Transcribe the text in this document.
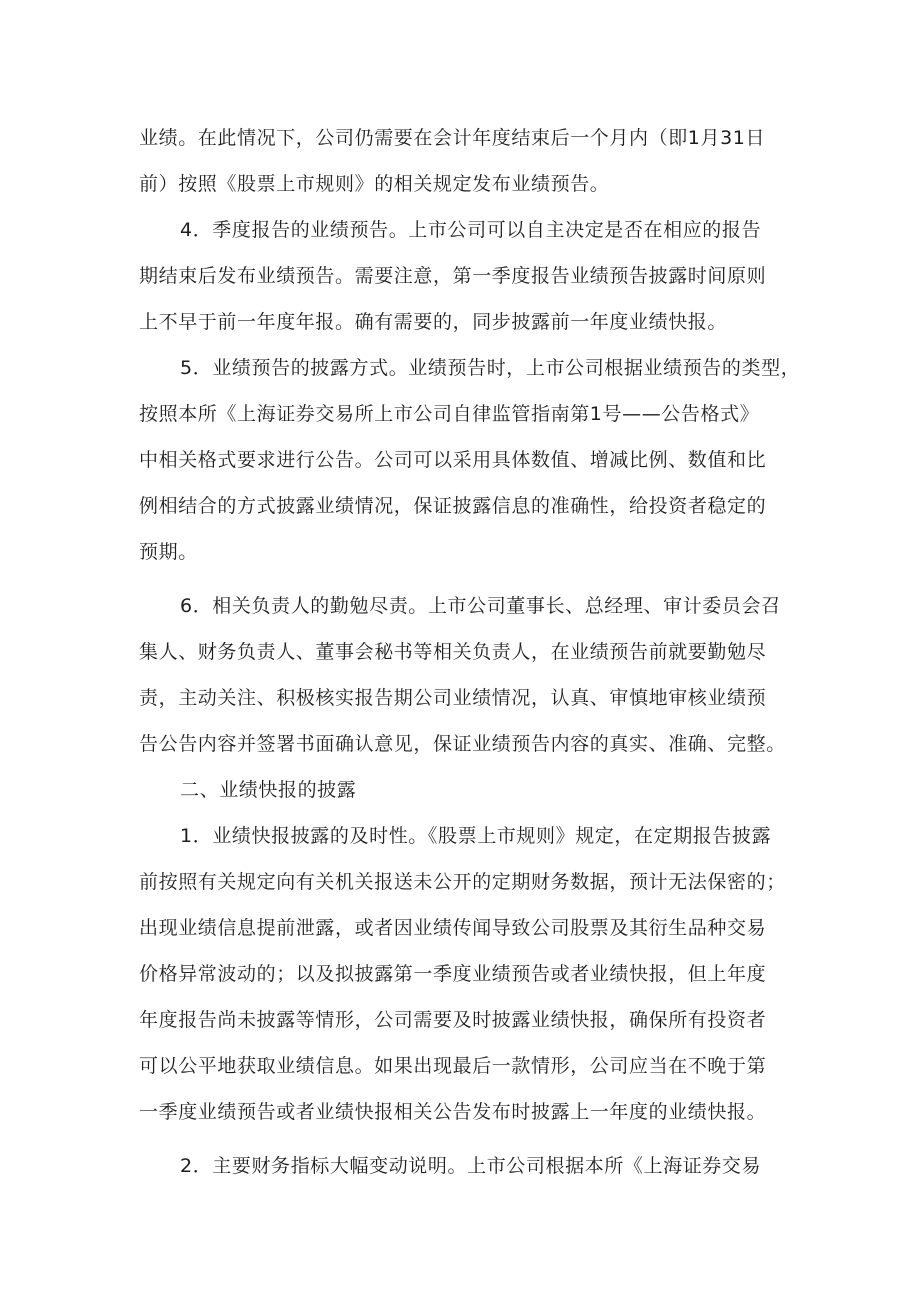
业绩。在此情况下，公司仍需要在会计年度结束后一个月内（即1月31日
前）按照《股票上市规则》的相关规定发布业绩预告。
4．季度报告的业绩预告。上市公司可以自主决定是否在相应的报告
期结束后发布业绩预告。需要注意，第一季度报告业绩预告披露时间原则
上不早于前一年度年报。确有需要的，同步披露前一年度业绩快报。
5．业绩预告的披露方式。业绩预告时，上市公司根据业绩预告的类型，
按照本所《上海证券交易所上市公司自律监管指南第1号——公告格式》
中相关格式要求进行公告。公司可以采用具体数值、增减比例、数值和比
例相结合的方式披露业绩情况，保证披露信息的准确性，给投资者稳定的
预期。
6．相关负责人的勤勉尽责。上市公司董事长、总经理、审计委员会召
集人、财务负责人、董事会秘书等相关负责人，在业绩预告前就要勤勉尽
责，主动关注、积极核实报告期公司业绩情况，认真、审慎地审核业绩预
告公告内容并签署书面确认意见，保证业绩预告内容的真实、准确、完整。
二、业绩快报的披露
1．业绩快报披露的及时性。《股票上市规则》规定，在定期报告披露
前按照有关规定向有关机关报送未公开的定期财务数据，预计无法保密的；
出现业绩信息提前泄露，或者因业绩传闻导致公司股票及其衍生品种交易
价格异常波动的；以及拟披露第一季度业绩预告或者业绩快报，但上年度
年度报告尚未披露等情形，公司需要及时披露业绩快报，确保所有投资者
可以公平地获取业绩信息。如果出现最后一款情形，公司应当在不晚于第
一季度业绩预告或者业绩快报相关公告发布时披露上一年度的业绩快报。
2．主要财务指标大幅变动说明。上市公司根据本所《上海证券交易
